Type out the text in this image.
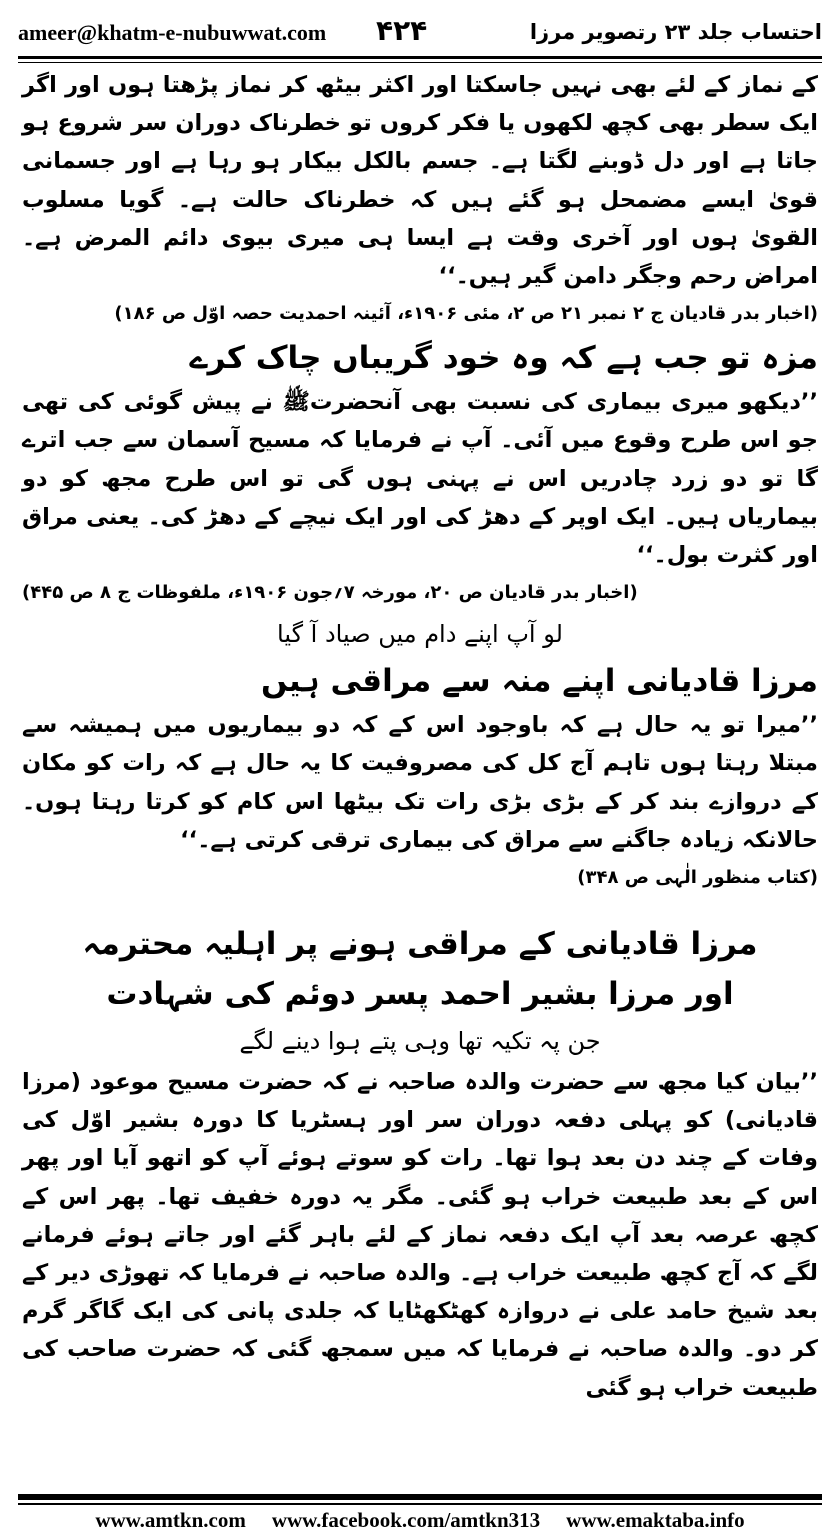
ameer@khatm-e-nubuwwat.com ۴۲۴	احتساب جلد ۲۳ رتصویر مرزا

کے نماز کے لئے بھی نہیں جاسکتا اور اکثر بیٹھ کر نماز پڑھتا ہوں اور اگر ایک سطر بھی کچھ لکھوں یا فکر کروں تو خطرناک دوران سر شروع ہو جاتا ہے اور دل ڈوبنے لگتا ہے۔ جسم بالکل بیکار ہو رہا ہے اور جسمانی قویٰ ایسے مضمحل ہو گئے ہیں کہ خطرناک حالت ہے۔ گویا مسلوب القویٰ ہوں اور آخری وقت ہے ایسا ہی میری بیوی دائم المرض ہے۔ امراض رحم وجگر دامن گیر ہیں۔‘‘

(اخبار بدر قادیان ج ۲ نمبر ۲۱ ص ۲، مئی ۱۹۰۶ء، آئینہ احمدیت حصہ اوّل ص ۱۸۶)

مزہ تو جب ہے کہ وہ خود گریباں چاک کرے

’’دیکھو میری بیماری کی نسبت بھی آنحضرتﷺ نے پیش گوئی کی تھی جو اس طرح وقوع میں آئی۔ آپ نے فرمایا کہ مسیح آسمان سے جب اترے گا تو دو زرد چادریں اس نے پہنی ہوں گی تو اس طرح مجھ کو دو بیماریاں ہیں۔ ایک اوپر کے دھڑ کی اور ایک نیچے کے دھڑ کی۔ یعنی مراق اور کثرت بول۔‘‘

(اخبار بدر قادیان ص ۲۰، مورخہ ۷؍جون ۱۹۰۶ء، ملفوظات ج ۸ ص ۴۴۵)

لو آپ اپنے دام میں صیاد آ گیا

مرزا قادیانی اپنے منہ سے مراقی ہیں

’’میرا تو یہ حال ہے کہ باوجود اس کے کہ دو بیماریوں میں ہمیشہ سے مبتلا رہتا ہوں تاہم آج کل کی مصروفیت کا یہ حال ہے کہ رات کو مکان کے دروازے بند کر کے بڑی بڑی رات تک بیٹھا اس کام کو کرتا رہتا ہوں۔ حالانکہ زیادہ جاگنے سے مراق کی بیماری ترقی کرتی ہے۔‘‘

(کتاب منظور الٰہی ص ۳۴۸)

مرزا قادیانی کے مراقی ہونے پر اہلیہ محترمہ

اور مرزا بشیر احمد پسر دوئم کی شہادت

جن پہ تکیہ تھا وہی پتے ہوا دینے لگے

’’بیان کیا مجھ سے حضرت والدہ صاحبہ نے کہ حضرت مسیح موعود (مرزا قادیانی) کو پہلی دفعہ دوران سر اور ہسٹریا کا دورہ بشیر اوّل کی وفات کے چند دن بعد ہوا تھا۔ رات کو سوتے ہوئے آپ کو اتھو آیا اور پھر اس کے بعد طبیعت خراب ہو گئی۔ مگر یہ دورہ خفیف تھا۔ پھر اس کے کچھ عرصہ بعد آپ ایک دفعہ نماز کے لئے باہر گئے اور جاتے ہوئے فرمانے لگے کہ آج کچھ طبیعت خراب ہے۔ والدہ صاحبہ نے فرمایا کہ تھوڑی دیر کے بعد شیخ حامد علی نے دروازہ کھٹکھٹایا کہ جلدی پانی کی ایک گاگر گرم کر دو۔ والدہ صاحبہ نے فرمایا کہ میں سمجھ گئی کہ حضرت صاحب کی طبیعت خراب ہو گئی

www.amtkn.com www.facebook.com/amtkn313 www.emaktaba.info
